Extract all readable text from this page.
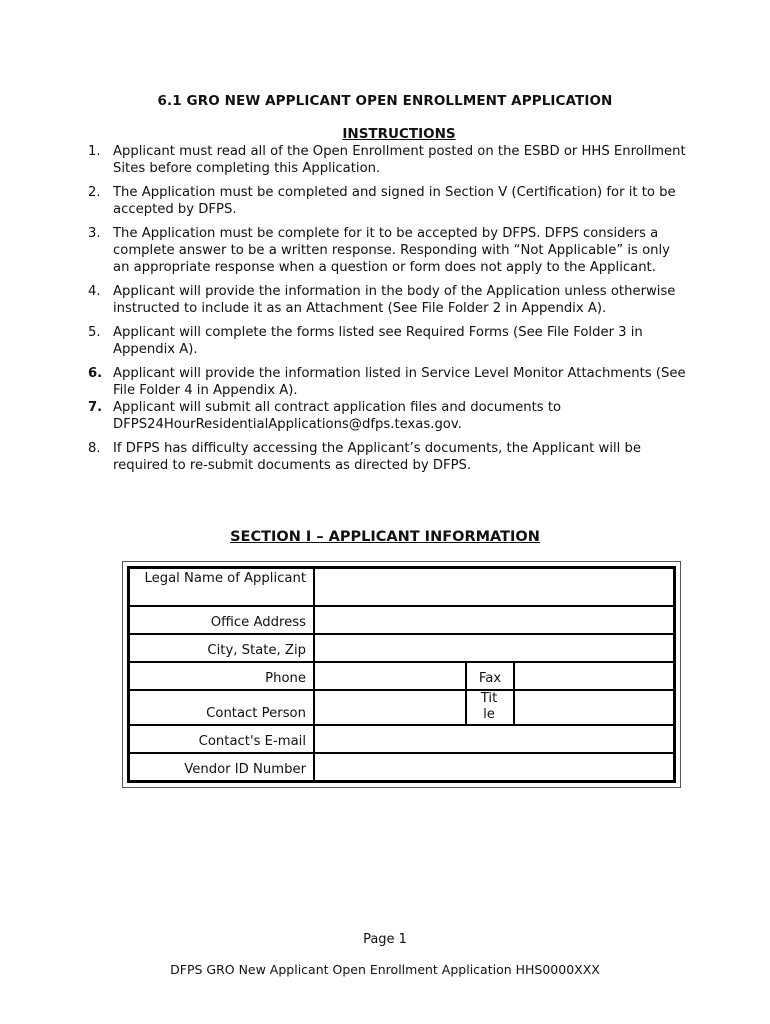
6.1 GRO NEW APPLICANT OPEN ENROLLMENT APPLICATION
INSTRUCTIONS
1. Applicant must read all of the Open Enrollment posted on the ESBD or HHS Enrollment Sites before completing this Application.
2. The Application must be completed and signed in Section V (Certification) for it to be accepted by DFPS.
3. The Application must be complete for it to be accepted by DFPS. DFPS considers a complete answer to be a written response. Responding with “Not Applicable” is only an appropriate response when a question or form does not apply to the Applicant.
4. Applicant will provide the information in the body of the Application unless otherwise instructed to include it as an Attachment (See File Folder 2 in Appendix A).
5. Applicant will complete the forms listed see Required Forms (See File Folder 3 in Appendix A).
6. Applicant will provide the information listed in Service Level Monitor Attachments (See File Folder 4 in Appendix A).
7. Applicant will submit all contract application files and documents to DFPS24HourResidentialApplications@dfps.texas.gov.
8. If DFPS has difficulty accessing the Applicant’s documents, the Applicant will be required to re-submit documents as directed by DFPS.
SECTION I – APPLICANT INFORMATION
Legal Name of Applicant
Office Address
City, State, Zip
Phone	Fax
Contact Person
Title
Contact's E-mail
Vendor ID Number
Page 1
DFPS GRO New Applicant Open Enrollment Application HHS0000XXX
